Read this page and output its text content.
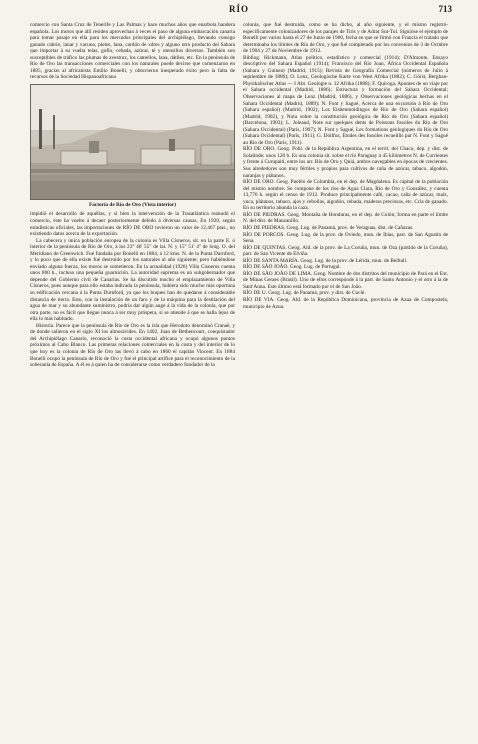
RÍO	713

comercio con Santa Cruz de Tenerife y Las Palmas y hace muchos años que enarbola bandera española. Los moros que allí residen aprovechan á veces el paso de alguna embarcación canaria para tomar pasaje en ella para los mercados principales del archipiélago, llevando consigo ganado cabrío, lanar y vacuno, pieles, lana, cardón de xdres y alguno otro producto del Sahara que importar á su vuelta telas, gofio, cebada, azúcar, té y utensilios diversos. También son susceptibles de tráfico las plumas de avestruz, los camellos, lana, dátiles, etc. En la península de Río de Oro las transacciones comerciales con los naturales puede decirse que comenzaron en 1885, gracias al africanista Emilio Bonelli, y obtuvieron inesperado éxito pero la falta de recursos de la Sociedad Hispanoafricana

Factoría de Río de Oro (Vista interior)

impidió el desarrollo de aquéllas, y si bien la intervención de la Trasatlántica reanudó el comercio, éste ha vuelto á decaer posteriormente debido á diversas causas. En 1920, según estadísticas oficiales, las importaciones de RÍO DE ORO tuvieron un valor de 12,467 ptas., no existiendo datos acerca de la exportación.

La cabecera y única población europea de la colonia es Villa Cisneros, sit. en la parte E. ó interior de la península de Río de Oro, á los 23° 46' 55" de lat. N. y 15° 51' 4" de long. O. del Meridiano de Greenwich. Fué fundada por Bonelli en 1884, á 12 kms. N. de la Punta Durnford, y lo poco que de ella existe fué destruido por los naturales al año siguiente; pero habiéndose enviado alguna fuerza, los moros se sometieron. En la actualidad (1926) Villa Cisneros cuenta unos 800 h., incluso una pequeña guarnición. La autoridad suprema es un subgobernador que depende del Gobierno civil de Canarias. Se ha discutido mucho el emplazamiento de Villa Cisneros, pues aunque para ello estaba indicada la península, hubiera sido mucho más oportuna su edificación cercana á la Punta Durnford, ya que los buques han de quedarse á considerable distancia de tierra. Esto, con la instalación de un faro y de la máquina para la destilación del agua de mar y su abundante suministro, podría dar algún auge á la vida de la colonia, que por otra parte, no es fácil que llegue nunca á ser muy próspera, si se atiende á que se halla lejos de ella lo más habitado.

Historia. Parece que la península de Río de Oro es la isla que Herodoto denominó Cranaë, y de donde salieron en el siglo XI los almorávides. En 1402, Juan de Bethencourt, conquistador del Archipiélago Canario, reconoció la costa occidental africana y ocupó algunos puntos próximos al Cabo Blanco. Las primeras relaciones comerciales en la costa y del interior de lo que hoy es la colonia de Río de Oro las llevó á cabo en 1860 el capitán Vincent. En 1884 Bonelli ocupó la península de Río de Oro y fué el principal artífice para el reconocimiento de la soberanía de España. A él es á quien ha de considerarse como verdadero fundador de la

colonia, que fué destruida, como se ha dicho, al año siguiente, y el mismo registró-específicamente colonizadores de los parajes de Tiris y de Adrar Sut-Tul. Siguióse el ejemplo de Bonelli por varios hasta el 27 de Junio de 1900, fecha en que se firmó con Francia el tratado que determinaba los límites de Río de Oro, y que fué completado por los convenios de 3 de Octubre de 1904 y 27 de Noviembre de 1912.

Bibliog. Hickmann, Atlas político, estadístico y comercial (1914); D'Almonte, Ensayo descriptivo del Sahara Español (1914); Francisco del Río Joan, África Occidental Española (Sahara y Guinea) (Madrid, 1915); Revista de Geografía Comercial (números de Julio á septiembre de 1886); O. Lenz, Geologische Karte von West Afrika (1882); C. Görst, Bergbau-Physikalischer Atlas — I Abt. Geologie n. 12 Afrika (1888); F. Quiroga, Apuntes de un viaje por el Sahara occidental (Madrid, 1886); Estructura y formación del Sahara Occidental; Observaciones al mapa de Lenz (Madrid, 1886), y Observaciones geológicas hechas en el Sahara Occidental (Madrid, 1889); N. Font y Sagué, Acerca de una excursión á Río de Oro (Sahara español) (Madrid, 1902); Los Eisbenmoldingos de Río de Oro (Sahara español) (Madrid, 1902), y Nota sobre la constitución geológica de Río de Oro (Sahara español) (Barcelona, 1903); L. Joleaud, Note sur quelques dents de Poissons fossiles du Río de Oro (Sahara Occidental) (París, 1907); N. Font y Sagué, Les formations géologiques du Río de Oro (Sahara Occidental) (París, 1911); G. Dollfus, Études des fossiles recueillis par N. Font y Sagué au Río de Oro (París, 1911).

RÍO DE ORO. Geog. Pobl. de la República Argentina, en el territ. del Chaco, dep. y dist. de Solalinde; unos 120 h. Es una colonia sit. sobre el río Paraguay á 45 kilómetros N. de Corrientes y frente á Curupaití, entre los arr. Río de Oro y Quiá, ambos navegables en épocas de crecientes. Sus alrededores son muy fértiles y propios para cultivos de caña de azúcar, tabaco, algodón, naranjas y plátanos.

RÍO DE ORO. Geog. Pueblo de Colombia, en el dep. de Magdalena. Es capital de la población del mismo nombre. Se compone de los ríos de Agua Clara, Río de Oro y González, y cuenta 13,776 h. según el censo de 1912. Produce principalmente café, cacao, caña de azúcar, maíz, yuca, plátanos, tabaco, ajos y cebollas, algodón, cebada, maderas preciosas, etc. Cría de ganado. En su territorio abunda la caza.

RÍO DE PIEDRAS. Geog. Montaña de Honduras, en el dep. de Colón; forma en parte el límite N. del dist. de Manzanillo.

RÍO DE PIEDRAS. Geog. Lug. de Panamá, prov. de Veraguas, dist. de Cañazas.

RÍO DE PORCOS. Geog. Lug. de la prov. de Oviedo, mun. de Ibias, parr. de San Agustín de Sena.

RÍO DE QUINTAS. Geog. Ald. de la prov. de La Coruña, mun. de Oza (partido de la Coruña), parr. de San Vicente de Elviña.

RÍO DE SANTA MARÍA. Geog. Lug. de la prov. de Lérida, mun. de Belltall.

RÍO DE SÃO JOÃO. Geog. Lug. de Portugal.

RÍO DE SÃO JOÃO DE LIMA. Geog. Nombre de dos distritos del municipio de Pará en el Est. de Minas Geraes (Brasil). Uno de ellos corresponde á la parr. de Santo Antonio y el otro á la de Sant'Anna. Este último está formado por el de San João.

RÍO DE U. Geog. Lug. de Panamá, prov. y dist. de Coclé.

RÍO DE VIA. Geog. Ald. de la República Dominicana, provincia de Azua de Compostela, municipio de Azua.
